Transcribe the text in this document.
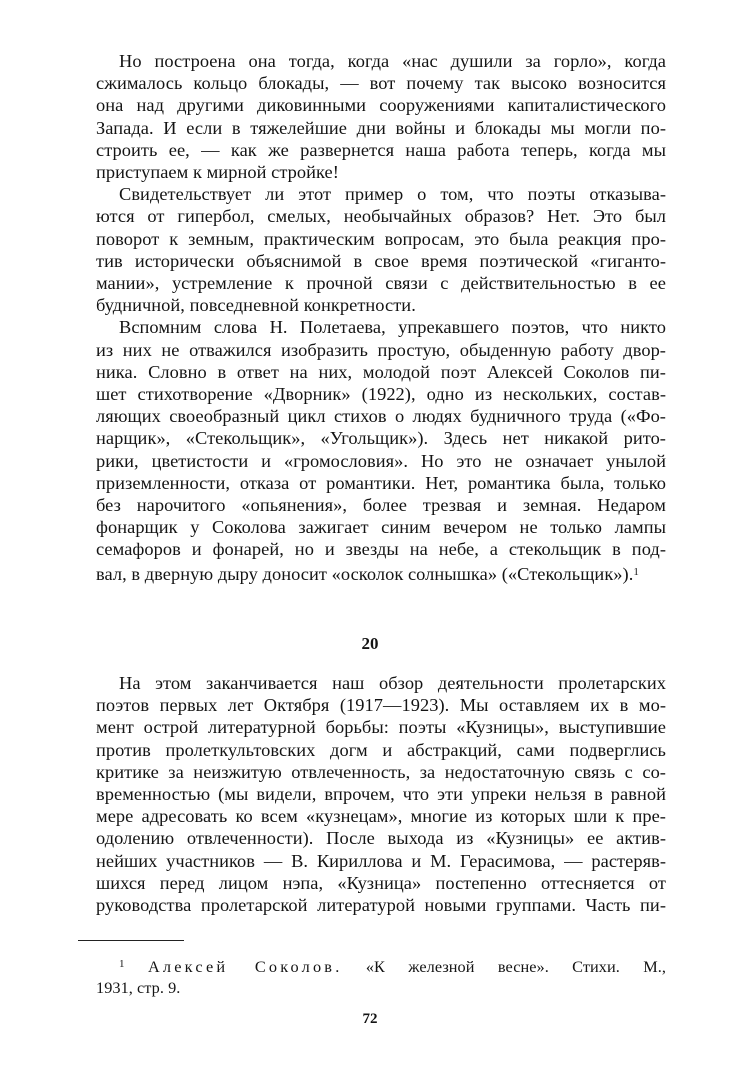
Но построена она тогда, когда «нас душили за горло», когда
сжималось кольцо блокады, — вот почему так высоко возносится
она над другими диковинными сооружениями капиталистического
Запада. И если в тяжелейшие дни войны и блокады мы могли по-
строить ее, — как же развернется наша работа теперь, когда мы
приступаем к мирной стройке!
Свидетельствует ли этот пример о том, что поэты отказыва-
ются от гипербол, смелых, необычайных образов? Нет. Это был
поворот к земным, практическим вопросам, это была реакция про-
тив исторически объяснимой в свое время поэтической «гиганто-
мании», устремление к прочной связи с действительностью в ее
будничной, повседневной конкретности.
Вспомним слова Н. Полетаева, упрекавшего поэтов, что никто
из них не отважился изобразить простую, обыденную работу двор-
ника. Словно в ответ на них, молодой поэт Алексей Соколов пи-
шет стихотворение «Дворник» (1922), одно из нескольких, состав-
ляющих своеобразный цикл стихов о людях будничного труда («Фо-
нарщик», «Стекольщик», «Угольщик»). Здесь нет никакой рито-
рики, цветистости и «громословия». Но это не означает унылой
приземленности, отказа от романтики. Нет, романтика была, только
без нарочитого «опьянения», более трезвая и земная. Недаром
фонарщик у Соколова зажигает синим вечером не только лампы
семафоров и фонарей, но и звезды на небе, а стекольщик в под-
вал, в дверную дыру доносит «осколок солнышка» («Стекольщик»).$^1$
20
На этом заканчивается наш обзор деятельности пролетарских
поэтов первых лет Октября (1917—1923). Мы оставляем их в мо-
мент острой литературной борьбы: поэты «Кузницы», выступившие
против пролеткультовских догм и абстракций, сами подверглись
критике за неизжитую отвлеченность, за недостаточную связь с со-
временностью (мы видели, впрочем, что эти упреки нельзя в равной
мере адресовать ко всем «кузнецам», многие из которых шли к пре-
одолению отвлеченности). После выхода из «Кузницы» ее актив-
нейших участников — В. Кириллова и М. Герасимова, — растеряв-
шихся перед лицом нэпа, «Кузница» постепенно оттесняется от
руководства пролетарской литературой новыми группами. Часть пи-
$^1$ Алексей Соколов. «К железной весне». Стихи. М.,
1931, стр. 9.
72
